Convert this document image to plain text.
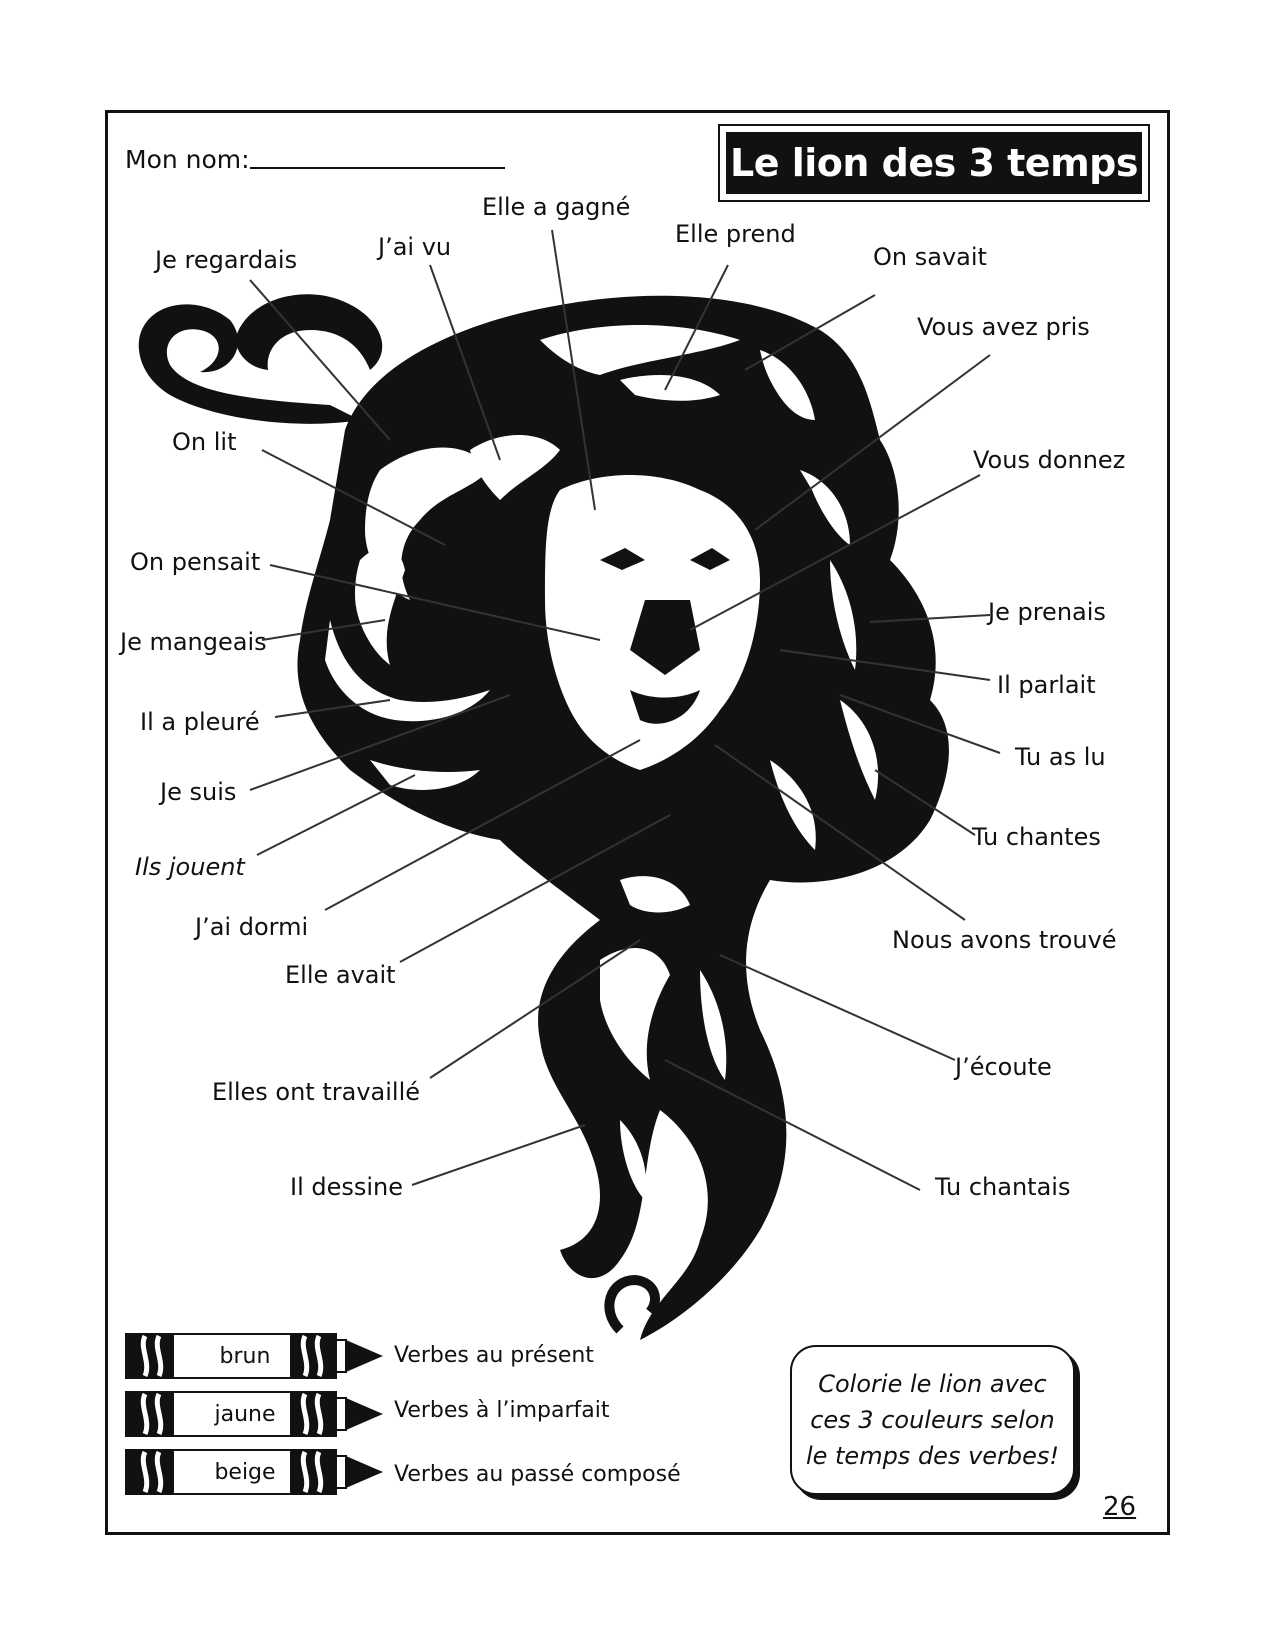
Mon nom:	Le lion des 3 temps
Je regardais	J’ai vu
Elle a gagné
Elle prend
On savait
Vous avez pris
On lit
Vous donnez
On pensait
Je prenais
Je mangeais
Il parlait
Il a pleuré
Tu as lu
Je suis
Tu chantes
Ils jouent
J’ai dormi	Nous avons trouvé
Elle avait
J’écoute
Elles ont travaillé
Il dessine	Tu chantais
brun	Verbes au présent
jaune	Verbes à l’imparfait
beige	Verbes au passé composé
Colorie le lion avec
ces 3 couleurs selon
le temps des verbes!
26
